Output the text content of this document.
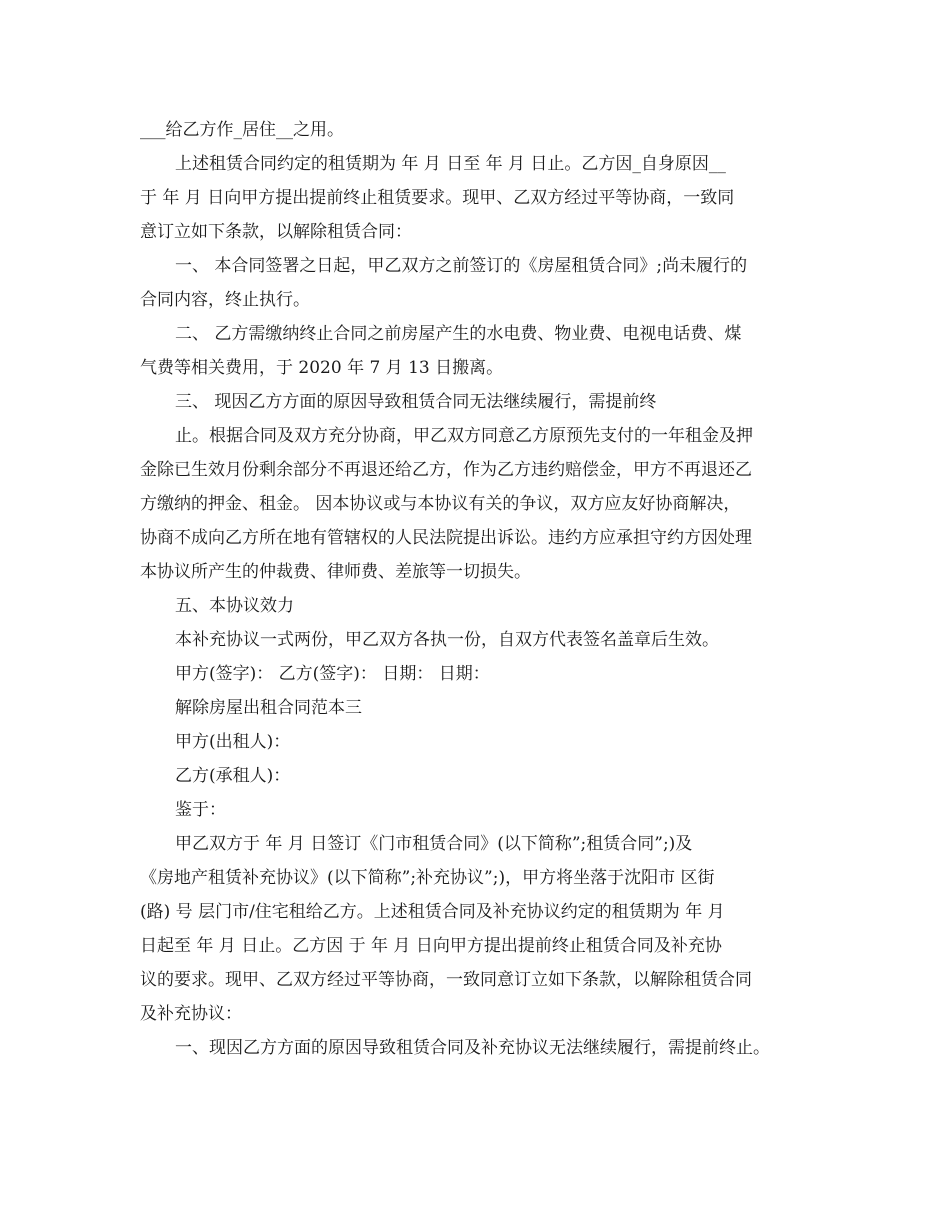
___给乙方作_居住__之用。
上述租赁合同约定的租赁期为 年 月 日至 年 月 日止。乙方因_自身原因__
于 年 月 日向甲方提出提前终止租赁要求。现甲、乙双方经过平等协商，一致同
意订立如下条款，以解除租赁合同：
一、 本合同签署之日起，甲乙双方之前签订的《房屋租赁合同》;尚未履行的
合同内容，终止执行。
二、 乙方需缴纳终止合同之前房屋产生的水电费、物业费、电视电话费、煤
气费等相关费用，于 2020 年 7 月 13 日搬离。
三、 现因乙方方面的原因导致租赁合同无法继续履行，需提前终
止。根据合同及双方充分协商，甲乙双方同意乙方原预先支付的一年租金及押
金除已生效月份剩余部分不再退还给乙方，作为乙方违约赔偿金，甲方不再退还乙
方缴纳的押金、租金。 因本协议或与本协议有关的争议，双方应友好协商解决，
协商不成向乙方所在地有管辖权的人民法院提出诉讼。违约方应承担守约方因处理
本协议所产生的仲裁费、律师费、差旅等一切损失。
五、本协议效力
本补充协议一式两份，甲乙双方各执一份，自双方代表签名盖章后生效。
甲方(签字)： 乙方(签字)： 日期： 日期：
解除房屋出租合同范本三
甲方(出租人)：
乙方(承租人)：
鉴于：
甲乙双方于 年 月 日签订《门市租赁合同》(以下简称”;租赁合同”;)及
《房地产租赁补充协议》(以下简称”;补充协议”;)，甲方将坐落于沈阳市 区街
(路) 号 层门市/住宅租给乙方。上述租赁合同及补充协议约定的租赁期为 年 月
日起至 年 月 日止。乙方因 于 年 月 日向甲方提出提前终止租赁合同及补充协
议的要求。现甲、乙双方经过平等协商，一致同意订立如下条款，以解除租赁合同
及补充协议：
一、现因乙方方面的原因导致租赁合同及补充协议无法继续履行，需提前终止。
